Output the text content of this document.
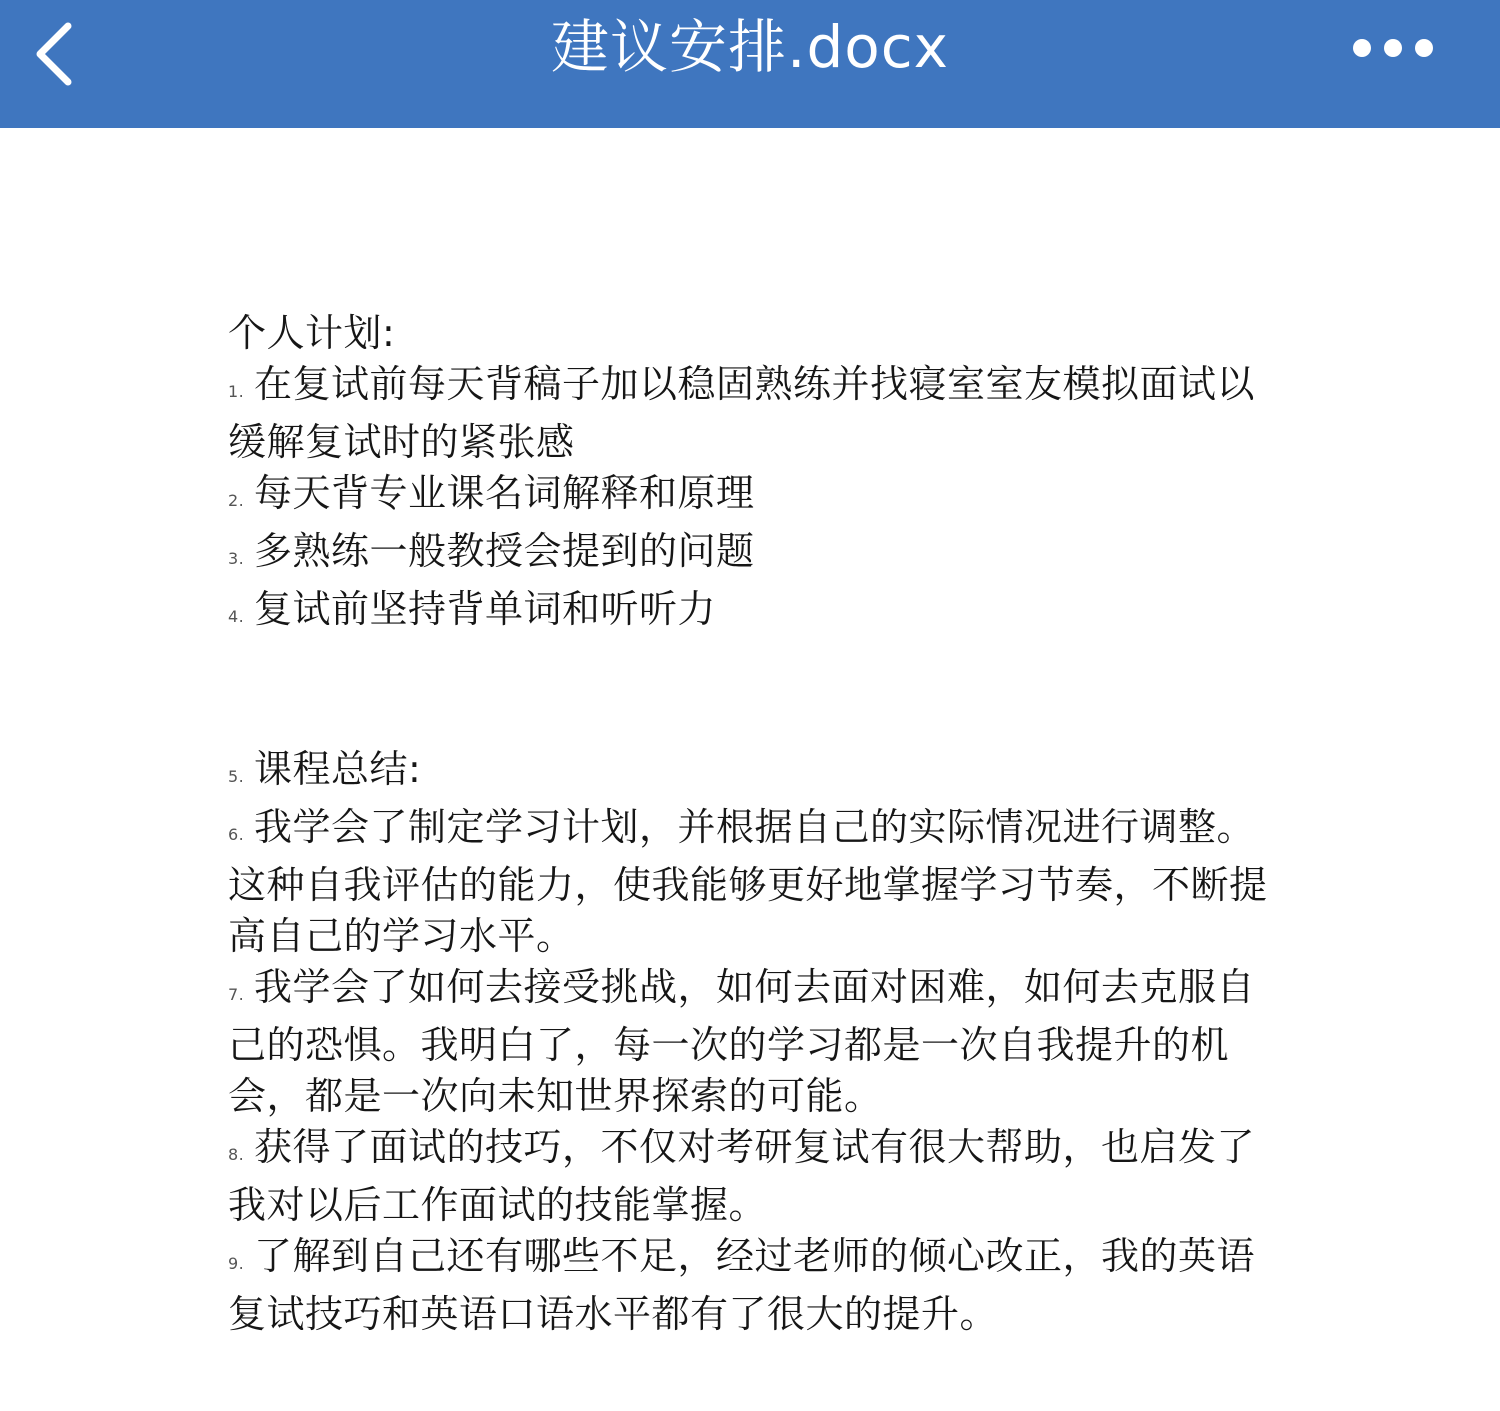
建议安排.docx

个人计划:

1. 在复试前每天背稿子加以稳固熟练并找寝室室友模拟面试以缓解复试时的紧张感

2. 每天背专业课名词解释和原理

3. 多熟练一般教授会提到的问题

4. 复试前坚持背单词和听听力

5. 课程总结:

6. 我学会了制定学习计划，并根据自己的实际情况进行调整。这种自我评估的能力，使我能够更好地掌握学习节奏，不断提高自己的学习水平。

7. 我学会了如何去接受挑战，如何去面对困难，如何去克服自己的恐惧。我明白了，每一次的学习都是一次自我提升的机会，都是一次向未知世界探索的可能。

8. 获得了面试的技巧，不仅对考研复试有很大帮助，也启发了我对以后工作面试的技能掌握。

9. 了解到自己还有哪些不足，经过老师的倾心改正，我的英语复试技巧和英语口语水平都有了很大的提升。
